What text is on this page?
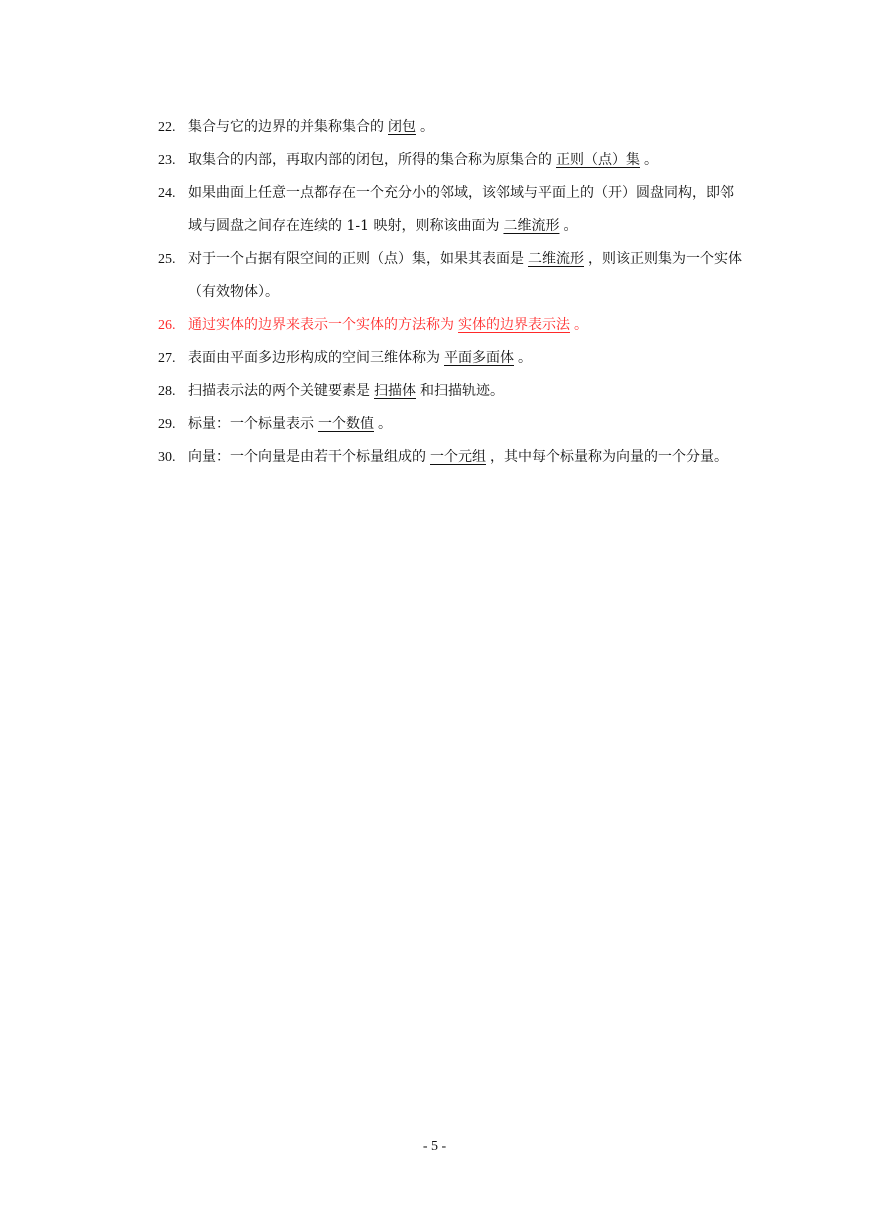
22. 集合与它的边界的并集称集合的 闭包 。
23. 取集合的内部，再取内部的闭包，所得的集合称为原集合的 正则（点）集 。
24. 如果曲面上任意一点都存在一个充分小的邻域，该邻域与平面上的（开）圆盘同构，即邻域与圆盘之间存在连续的 1-1 映射，则称该曲面为 二维流形 。
25. 对于一个占据有限空间的正则（点）集，如果其表面是 二维流形 ，则该正则集为一个实体（有效物体）。
26. 通过实体的边界来表示一个实体的方法称为 实体的边界表示法 。
27. 表面由平面多边形构成的空间三维体称为 平面多面体 。
28. 扫描表示法的两个关键要素是 扫描体 和扫描轨迹。
29. 标量：一个标量表示 一个数值 。
30. 向量：一个向量是由若干个标量组成的 一个元组 ，其中每个标量称为向量的一个分量。
- 5 -
